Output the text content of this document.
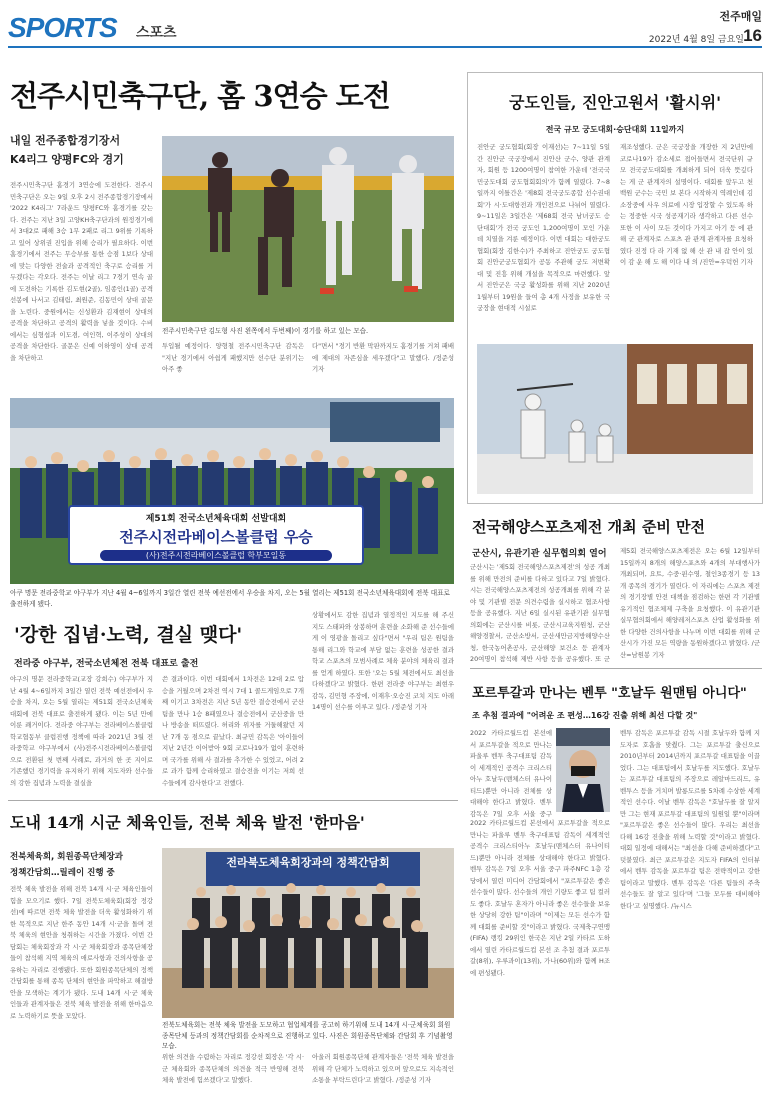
SPORTS 스포츠
전주매일
2022년 4월 8일 금요일 16
전주시민축구단, 홈 3연승 도전
내일 전주종합경기장서
K4리그 양평FC와 경기
전주시민축구단 홈경기 3연승에 도전한다. 전주시민축구단은 오는 9일 오후 2시 전주종합경기장에서 '2022 K4리그' 7라운드 양평FC와 홈경기를 갖는다. 전주는 지난 3일 고양KH축구단과의 원정경기에서 3대2로 패해 3승 1무 2패로 리그 9위를 기록하고 있어 상위권 진입을 위해 승리가 필요하다. 이번 홈경기에서 전주는 무승부를 통한 승점 1보다 상대에 맞는 다양한 전술과 공격적인 축구로 승리를 거두겠다는 각오다. 전주는 이날 리그 7경기 연속 골에 도전하는 기록한 김도현(2골), 임종인(1골) 공격 선봉에 나서고 김태림, 최원준, 김동민이 상대 골문을 노린다. 중원에서는 신성환과 김재현이 상대의 공격을 차단하고 공격의 활력을 넣을 것이다. 수비에서는 심형섭과 이도겸, 여인혁, 이주성이 상대의 공격을 차단한다. 골문은 신예 이하영이 상대 공격을 차단하고
전주시민축구단 김도형 사진 왼쪽에서 두번째)이 경기를 하고 있는 모습.
투입될 예정이다. 양형철 전주시민축구단 감독은 "지난 경기에서 아쉽게 패했지만 선수단 분위기는 아주 좋
다"면서 "경기 반환 막판까지도 홈경기를 거쳐 패배에 제대의 자존심을 세우겠다"고 말했다. /정준성 기자
궁도인들, 진안고원서 '활시위'
전국 규모 궁도대회·승단대회 11일까지
진안군 궁도협회(회장 이재선)는 7~11일 5일간 진안군 국궁장에서 진안산 군수, 양관 관계자, 회원 등 1200여명이 참여한 가운데 '전국국민궁도대회 궁도협회회의'가 함께 열렸다. 7~8일까지 이틀간은 '제8회 전국궁도종합 선수권대회'가 시·도대항전과 개인전으로 나뉘어 열렸다. 9~11일은 3일간은 '제68회 전국 남녀궁도 승단대회'가 전국 궁도인 1,200여명이 모인 가운데 치열을 겨룬 예정이다. 이번 대회는 대한궁도협회(회장 김한수)가 주최하고 진안궁도 궁도협회 진안군궁도협회가 공동 주관해 궁도 저변확대 및 진흥 위해 개설을 목적으로 마련했다. 앞서 진안군은 국궁 활성화를 위해 지난 2020년 1월부터 19원을 들여 총 4개 사정을 보유한 국궁장을 현대적 시설로
재조성했다. 군은 국궁장을 개장한 지 2년만에 코로나19가 감소세로 접어들면서 전국단위 규모 전국궁도대회를 개최하게 되어 더욱 뜻깊다는 게 군 관계자의 설명이다. 대회를 앞두고 천백원 군수는 국민 보 본다 시작하지 역례인데 김소장중에 사우 의료에 시장 입장할 수 있도록 하는 정중한 시국 성공재기라 생각하고 다른 선수 또한 이 사이 모든 것이다 가지고 아기 등 에 관해 군 관계자로 스포츠 관 관계 관계자를 요청하였다 진정 다 라 기재 없 해 산 관 내 잡 안이 있 이 감 운 해 도 해 이다 내 의 /진안=우덕헌 기자
제51회 전국소년체육대회 선발대회
전주시전라베이스볼클럽 우승
(사)전주시전라베이스볼클럽 학부모일동
아쿠 명문 전라중학교 야구부가 지난 4월 4~6일까지 3일간 열린 전북 예선전에서 우승을 차지, 오는 5월 열리는 제51회 전국소년체육대회에 전북 대표로 출전하게 됐다.
'강한 집념·노력, 결실 맺다'
전라중 야구부, 전국소년체전 전북 대표로 출전
야구의 명문 전라중학교(교장 강희수) 야구부가 지난 4월 4~6일까지 3일간 열린 전북 예선전에서 우승을 차지, 오는 5월 열리는 제51회 전국소년체육대회에 전북 대표로 출전하게 됐다. 이는 5년 만에 이룬 쾌거이다. 전라중 야구부는 전라베이스볼클럽 학교협동부 클럽진행 정책에 따라 2021년 3월 전라중학교 야구부에서 (사)전주시전라베이스볼클럽으로 전환된 첫 번째 사례로, 과거의 한 곳 지이로 기존했던 경기력을 유지하기 위해 지도자와 선수들의 강한 집념과 노력을 결실을
쓴 결과이다. 이번 대회에서 1차전은 12대 2로 압승을 거뒀으며 2차전 역시 7대 1 콜드게임으로 7개째 이기고 3차전은 지난 5년 동안 결승전에서 군산팀을 만나 1승 8패였으나 결승전에서 군산중을 만나 방송을 떠뜨렸다. 허리와 위자를 거둘해왔던 지난 7개 동 점으로 끝났다. 최규민 감독은 '아이들이 지난 2년간 이어받아 9회 코로나19가 없이 훈련하며 국가를 위해 사 결과를 추가한 수 있었고, 어려 2로 과가 함께 승리하였고 결승전을 이기는 저희 선수들에게 감사한다'고 전했다.
상황에서도 감한 집념과 열정적인 지도를 해 주신 지도 스태파와 상봉하며 훈련을 소화해 준 선수들에게 이 영광을 돌리고 싶다"면서 "우리 팀은 원팀을 통해 리그와 학교에 부담 없는 훈련을 성공한 결과 학교 스포츠의 모범사례로 체육 분야의 체육리 결과를 얻게 하였다. 또한 '오는 5월 체전에서도 최선을 다하겠다'고 밝혔다. 한편 전라중 야구부는 최현우 감독, 김민형 주장에, 이재후·오승진 코치 지도 아래 14명이 선수를 이루고 있다. /정준성 기자
전국해양스포츠제전 개최 준비 만전
군산시, 유관기관 실무협의회 열어
군산시는 '제5회 전국해양스포츠제전'의 성공 개최를 위해 만전의 준비를 다하고 있다고 7일 밝혔다. 시는 전국해양스포츠제전의 성공개최를 위해 각 분야 및 기관별 전문 의견수렴을 실시하고 협조사항 등을 공유했다. 지난 6일 실시된 유관기관 실무협의회에는 군산시를 비롯, 군산시교육지원청, 군산해양경찰서, 군산소방서, 군산새만금지방해양수산청, 한국농어촌공사, 군산해양 보건소 등 관계자 20여명이 참석해 제반 사항 등을 공유했다. 또 군
제5회 전국해양스포츠제전은 오는 6월 12일부터 15일까지 8개의 해양스포츠와 4개의 부대행사가 개최되며, 요트, 수중·핀수영, 철인3종경기 등 13개 종목의 경기가 열린다. 이 자리에는 스포츠 제전의 경기장별 안전 대책을 점검하는 한편 각 기관별 유기적인 협조체제 구축을 요청했다. 이 유관기관 실무협의회에서 해양레저스포츠 산업 활성화를 위한 다양한 건의사항을 나누며 이번 대회를 위해 군산시가 가진 모든 역량을 동원하겠다고 밝혔다. /군산=남원봉 기자
포르투갈과 만나는 벤투 "호날두 원맨팀 아니다"
조 추첨 결과에 "어려운 조 편성…16강 진출 위해 최선 다할 것"
2022 카타르월드컵 본선에서 포르투갈을 적으로 만나는 파울루 벤투 축구대표팀 감독이 세계적인 공격수 크리스티아누 호날두(맨체스터 유나이티드)뿐만 아니라 전체를 상대해야 한다고 밝혔다. 벤투 감독은 7일 오후 서울 중구
2022 카타르월드컵 본선에서 포르투갈을 적으로 만나는 파울루 벤투 축구대표팀 감독이 세계적인 공격수 크리스티아누 호날두(맨체스터 유나이티드)뿐만 아니라 전체를 상대해야 한다고 밝혔다. 벤투 감독은 7일 오후 서울 중구 파주NFC 1층 강당에서 열린 미디어 간담회에서 "포르투갈은 좋은 선수들이 많다. 선수들의 개인 기량도 좋고 팀 컬러도 좋다. 호날두 혼자가 아니라 좋은 선수들을 보유한 상당히 강한 팀"이라며 "이제는 모든 선수가 함께 대회를 준비할 것"이라고 밝혔다. 국제축구연맹(FIFA) 랭킹 29위인 한국은 지난 2일 카타르 도하에서 열린 카타르월드컵 본선 조 추첨 결과 포르투갈(8위), 우루과이(13위), 가나(60위)와 함께 H조에 편성됐다.
벤투 감독은 포르투갈 감독 시절 호날두와 함께 지도자로 호흡을 맞췄다. 그는 포르투갈 출신으로 2010년부터 2014년까지 포르투갈 대표팀을 이끌었다. 그는 대표팀에서 호날두를 지도했다. 호날두는 포르투갈 대표팀의 주장으로 레알마드리드, 유벤투스 등을 거치며 발롱도르를 5차례 수상한 세계적인 선수다. 이날 벤투 감독은 "호날두를 잘 알지만 그는 현재 포르투갈 대표팀의 일원일 뿐"이라며 "포르투갈은 좋은 선수들이 많다. 우리는 최선을 다해 16강 진출을 위해 노력할 것"이라고 밝혔다. 대회 일정에 대해서는 "최선을 다해 준비하겠다"고 덧붙였다. 최근 포르투갈은 지도자 FIFA의 인터뷰에서 벤투 감독을 포르투갈 팀은 전략적이고 강한 팀이라고 말했다. 벤투 감독은 '다른 팀들의 주축 선수들도 잘 알고 있다'며 '그들 모두를 대비해야 한다'고 설명했다. /뉴시스
도내 14개 시군 체육인들, 전북 체육 발전 '한마음'
전북체육회, 회원종목단체장과
정책간담회…릴레이 진행 중
전북 체육 발전을 위해 전북 14개 시·군 체육인들이 힘을 모으기로 했다. 7일 전북도체육회(회장 정강선)에 따르면 전북 체육 발전을 더욱 활성화하기 위한 목적으로 지난 한주 동안 14개 시·군을 돌며 전북 체육의 현안을 청취하는 시간을 가졌다. 이번 간담회는 체육회장과 각 시·군 체육회장과 종목단체장들이 참석해 지역 체육의 애로사항과 건의사항을 공유하는 자리로 진행됐다. 또한 회원종목단체의 정책간담회를 통해 종목 단체의 현안을 파악하고 해결방안을 모색하는 계기가 됐다. 도내 14개 시·군 체육인들과 관계자들은 전북 체육 발전을 위해 한마음으로 노력하기로 뜻을 모았다.
전라북도체육회장과의 정책간담회
전북도체육회는 전북 체육 발전을 도모하고 협업체계를 공고히 하기위해 도내 14개 시·군체육회 회원종목단체 등과의 정책간담회를 순차적으로 진행하고 있다. 사진은 회원종목단체와 간담회 후 기념촬영 모습.
위한 의견을 수렴하는 자리로 정강선 회장은 '각 시·군 체육회와 종목단체의 의견을 적극 반영해 전북 체육 발전에 힘쓰겠다'고 말했다.
아울러 회원종목단체 관계자들은 '전북 체육 발전을 위해 각 단체가 노력하고 있으며 앞으로도 지속적인 소통을 부탁드린다'고 밝혔다. /정준성 기자
